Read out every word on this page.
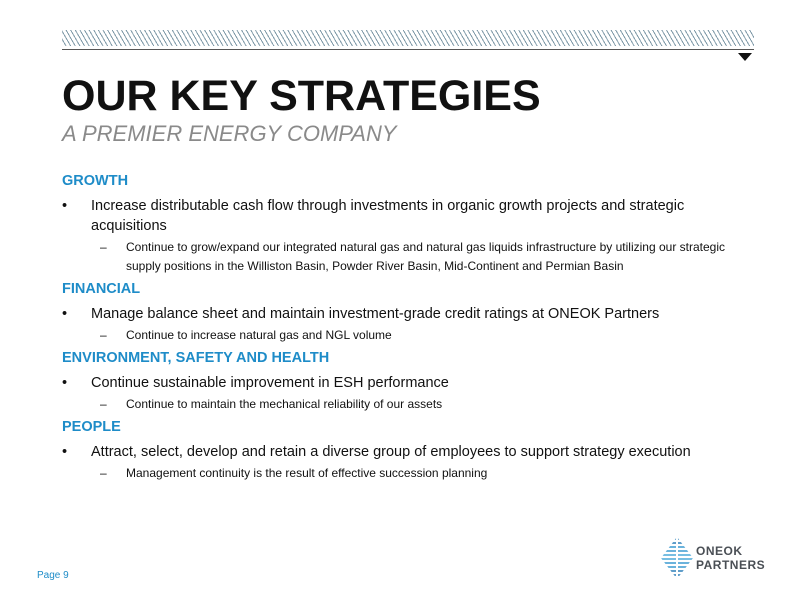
OUR KEY STRATEGIES
A PREMIER ENERGY COMPANY
GROWTH
• Increase distributable cash flow through investments in organic growth projects and strategic acquisitions
– Continue to grow/expand our integrated natural gas and natural gas liquids infrastructure by utilizing our strategic supply positions in the Williston Basin, Powder River Basin, Mid-Continent and Permian Basin
FINANCIAL
• Manage balance sheet and maintain investment-grade credit ratings at ONEOK Partners
– Continue to increase natural gas and NGL volume
ENVIRONMENT, SAFETY AND HEALTH
• Continue sustainable improvement in ESH performance
– Continue to maintain the mechanical reliability of our assets
PEOPLE
• Attract, select, develop and retain a diverse group of employees to support strategy execution
– Management continuity is the result of effective succession planning
Page 9
ONEOK
PARTNERS
